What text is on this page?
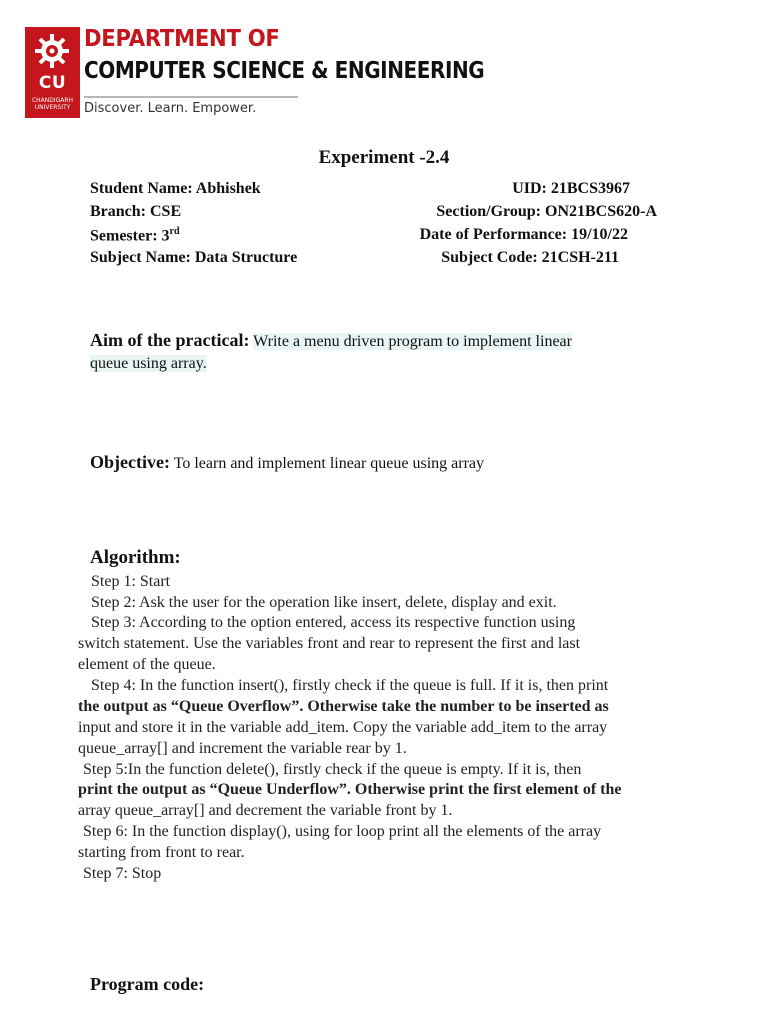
CU
CHANDIGARH UNIVERSITY
DEPARTMENT OF
COMPUTER SCIENCE & ENGINEERING
Discover. Learn. Empower.
Experiment -2.4
Student Name: Abhishek	UID: 21BCS3967
Branch: CSE	Section/Group: ON21BCS620-A
Semester: 3rd	Date of Performance: 19/10/22
Subject Name: Data Structure	Subject Code: 21CSH-211
Aim of the practical: Write a menu driven program to implement linear
queue using array.
Objective: To learn and implement linear queue using array
Algorithm:
Step 1: Start
Step 2: Ask the user for the operation like insert, delete, display and exit.
Step 3: According to the option entered, access its respective function using
switch statement. Use the variables front and rear to represent the first and last
element of the queue.
Step 4: In the function insert(), firstly check if the queue is full. If it is, then print
the output as “Queue Overflow”. Otherwise take the number to be inserted as
input and store it in the variable add_item. Copy the variable add_item to the array
queue_array[] and increment the variable rear by 1.
Step 5:In the function delete(), firstly check if the queue is empty. If it is, then
print the output as “Queue Underflow”. Otherwise print the first element of the
array queue_array[] and decrement the variable front by 1.
Step 6: In the function display(), using for loop print all the elements of the array
starting from front to rear.
Step 7: Stop
Program code:
